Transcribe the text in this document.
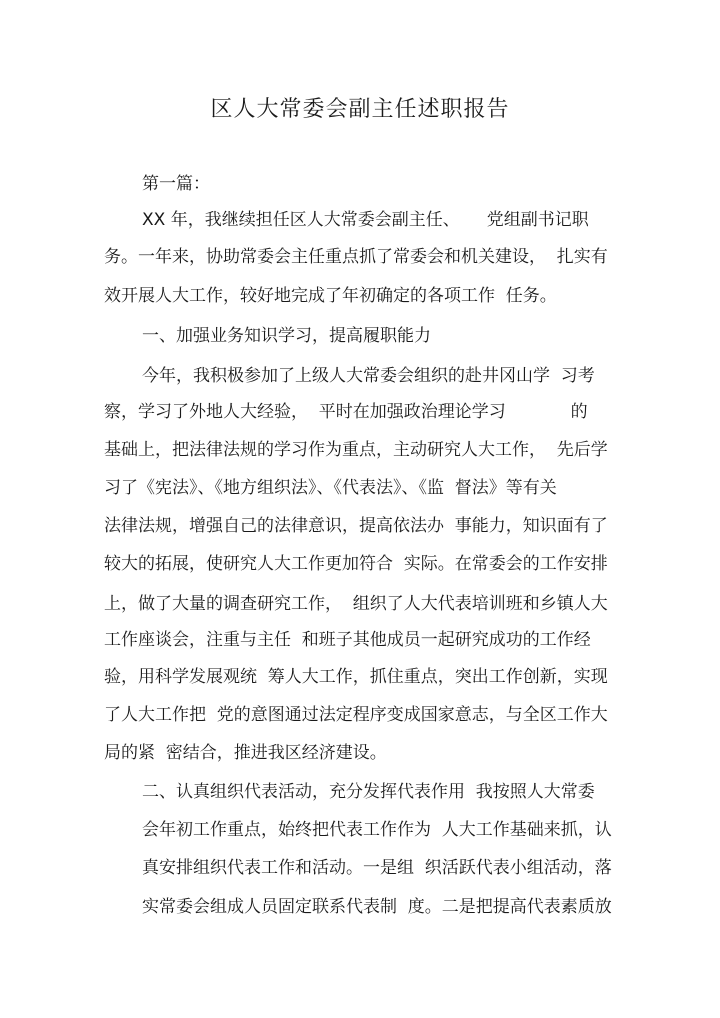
区人大常委会副主任述职报告
第一篇：
XX 年，我继续担任区人大常委会副主任、     党组副书记职
务。一年来，协助常委会主任重点抓了常委会和机关建设，  扎实有
效开展人大工作，较好地完成了年初确定的各项工作  任务。
一、加强业务知识学习，提高履职能力
今年，我积极参加了上级人大常委会组织的赴井冈山学  习考
察，学习了外地人大经验，  平时在加强政治理论学习            的
基础上，把法律法规的学习作为重点，主动研究人大工作，  先后学
习了《宪法》、《地方组织法》、《代表法》、《监  督法》等有关
法律法规，增强自己的法律意识，提高依法办  事能力，知识面有了
较大的拓展，使研究人大工作更加符合  实际。在常委会的工作安排
上，做了大量的调查研究工作，  组织了人大代表培训班和乡镇人大
工作座谈会，注重与主任  和班子其他成员一起研究成功的工作经
验，用科学发展观统  筹人大工作，抓住重点，突出工作创新，实现
了人大工作把  党的意图通过法定程序变成国家意志，与全区工作大
局的紧  密结合，推进我区经济建设。
二、认真组织代表活动，充分发挥代表作用  我按照人大常委
会年初工作重点，始终把代表工作作为  人大工作基础来抓，认
真安排组织代表工作和活动。一是组  织活跃代表小组活动，落
实常委会组成人员固定联系代表制  度。二是把提高代表素质放
